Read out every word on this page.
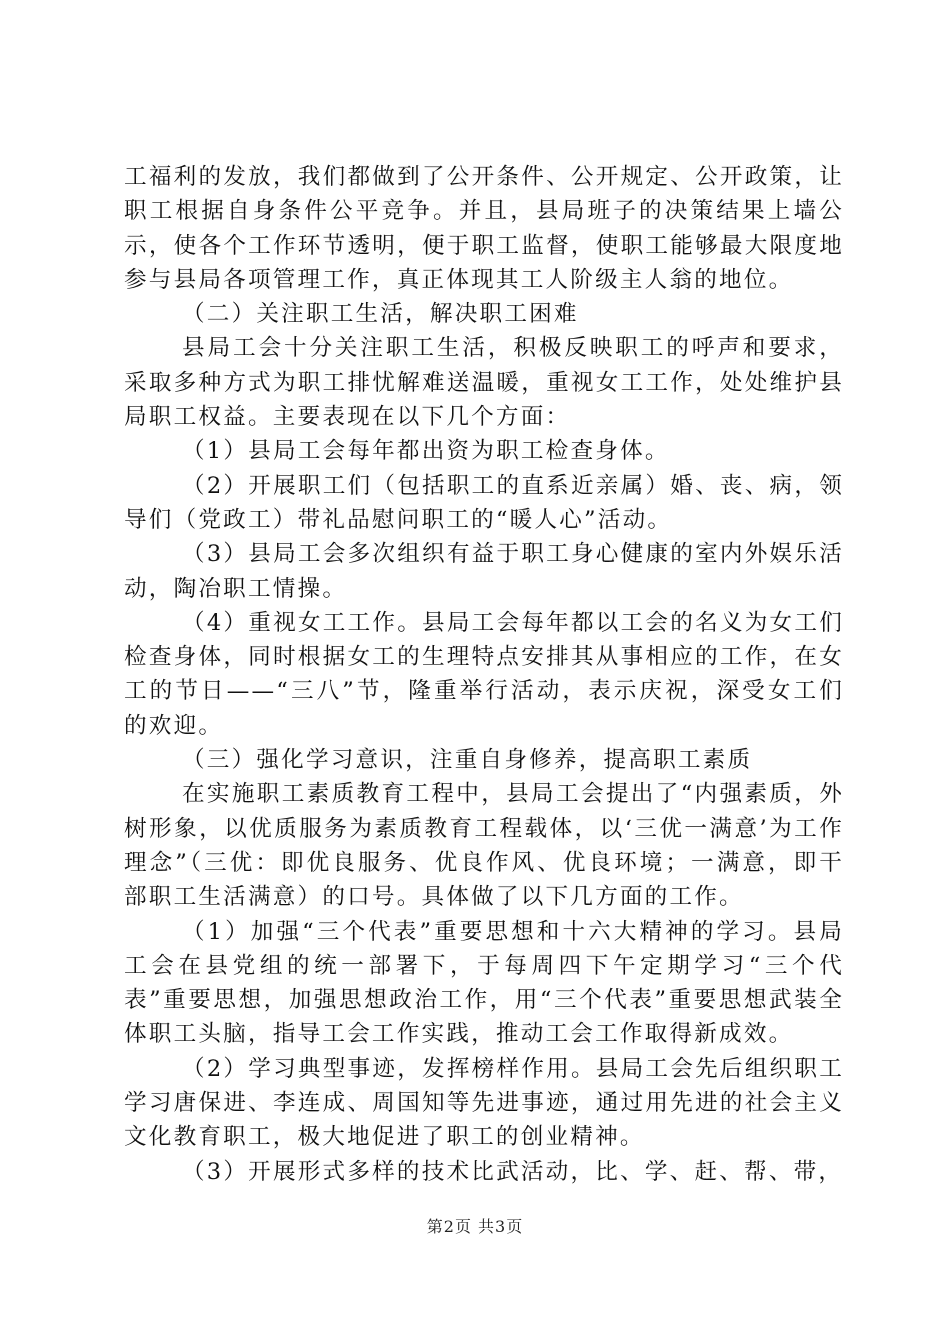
工福利的发放，我们都做到了公开条件、公开规定、公开政策，让职工根据自身条件公平竞争。并且，县局班子的决策结果上墙公示，使各个工作环节透明，便于职工监督，使职工能够最大限度地参与县局各项管理工作，真正体现其工人阶级主人翁的地位。

（二）关注职工生活，解决职工困难

县局工会十分关注职工生活，积极反映职工的呼声和要求，采取多种方式为职工排忧解难送温暖，重视女工工作，处处维护县局职工权益。主要表现在以下几个方面：

（1）县局工会每年都出资为职工检查身体。

（2）开展职工们（包括职工的直系近亲属）婚、丧、病，领导们（党政工）带礼品慰问职工的“暖人心”活动。

（3）县局工会多次组织有益于职工身心健康的室内外娱乐活动，陶冶职工情操。

（4）重视女工工作。县局工会每年都以工会的名义为女工们检查身体，同时根据女工的生理特点安排其从事相应的工作，在女工的节日——“三八”节，隆重举行活动，表示庆祝，深受女工们的欢迎。

（三）强化学习意识，注重自身修养，提高职工素质

在实施职工素质教育工程中，县局工会提出了“内强素质，外树形象，以优质服务为素质教育工程载体，以‘三优一满意’为工作理念”（三优：即优良服务、优良作风、优良环境；一满意，即干部职工生活满意）的口号。具体做了以下几方面的工作。

（1）加强“三个代表”重要思想和十六大精神的学习。县局工会在县党组的统一部署下，于每周四下午定期学习“三个代表”重要思想，加强思想政治工作，用“三个代表”重要思想武装全体职工头脑，指导工会工作实践，推动工会工作取得新成效。

（2）学习典型事迹，发挥榜样作用。县局工会先后组织职工学习唐保进、李连成、周国知等先进事迹，通过用先进的社会主义文化教育职工，极大地促进了职工的创业精神。

（3）开展形式多样的技术比武活动，比、学、赶、帮、带，

第2页 共3页
